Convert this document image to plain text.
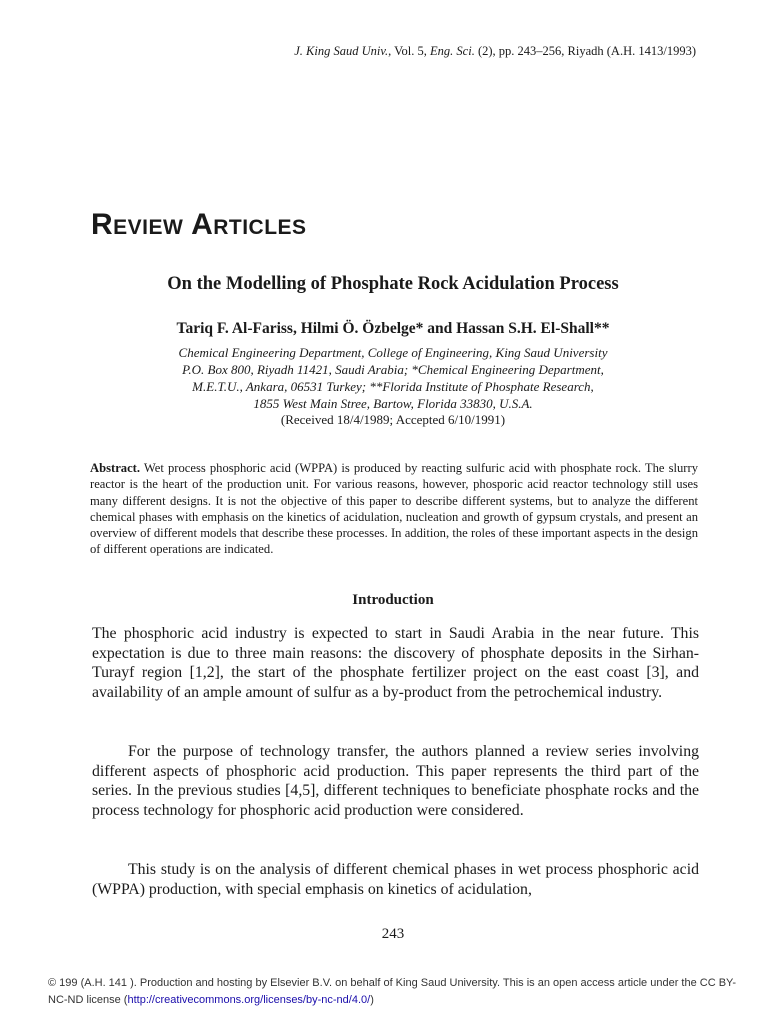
J. King Saud Univ., Vol. 5, Eng. Sci. (2), pp. 243–256, Riyadh (A.H. 1413/1993)
Review Articles
On the Modelling of Phosphate Rock Acidulation Process
Tariq F. Al-Fariss, Hilmi Ö. Özbelge* and Hassan S.H. El-Shall**
Chemical Engineering Department, College of Engineering, King Saud University
P.O. Box 800, Riyadh 11421, Saudi Arabia; *Chemical Engineering Department,
M.E.T.U., Ankara, 06531 Turkey; **Florida Institute of Phosphate Research,
1855 West Main Stree, Bartow, Florida 33830, U.S.A.
(Received 18/4/1989; Accepted 6/10/1991)
Abstract. Wet process phosphoric acid (WPPA) is produced by reacting sulfuric acid with phosphate rock. The slurry reactor is the heart of the production unit. For various reasons, however, phosporic acid reactor technology still uses many different designs. It is not the objective of this paper to describe different systems, but to analyze the different chemical phases with emphasis on the kinetics of acidulation, nucleation and growth of gypsum crystals, and present an overview of different models that describe these processes. In addition, the roles of these important aspects in the design of different operations are indicated.
Introduction
The phosphoric acid industry is expected to start in Saudi Arabia in the near future. This expectation is due to three main reasons: the discovery of phosphate deposits in the Sirhan-Turayf region [1,2], the start of the phosphate fertilizer project on the east coast [3], and availability of an ample amount of sulfur as a by-product from the petrochemical industry.
For the purpose of technology transfer, the authors planned a review series involving different aspects of phosphoric acid production. This paper represents the third part of the series. In the previous studies [4,5], different techniques to beneficiate phosphate rocks and the process technology for phosphoric acid production were considered.
This study is on the analysis of different chemical phases in wet process phosphoric acid (WPPA) production, with special emphasis on kinetics of acidulation,
243
© 199 (A.H. 141 ). Production and hosting by Elsevier B.V. on behalf of King Saud University. This is an open access article under the CC BY-NC-ND license (http://creativecommons.org/licenses/by-nc-nd/4.0/)
